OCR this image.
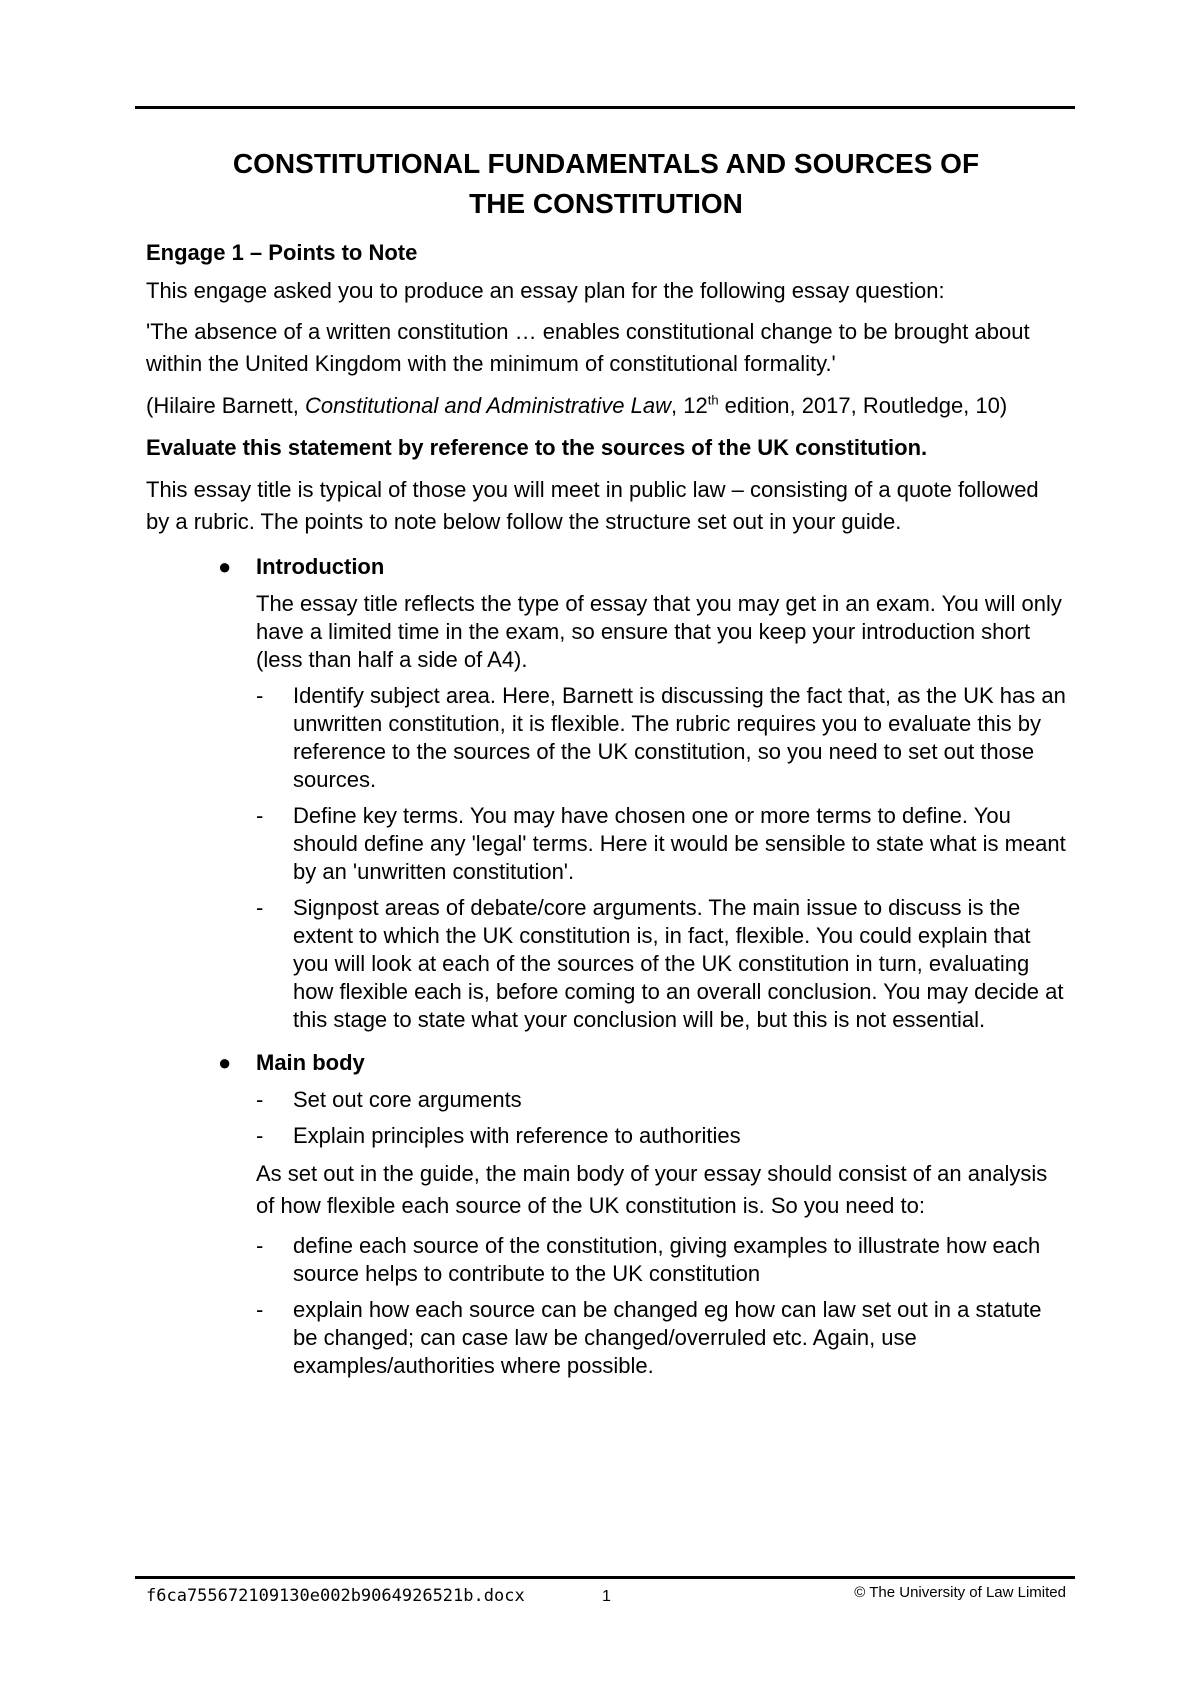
CONSTITUTIONAL FUNDAMENTALS AND SOURCES OF
THE CONSTITUTION
Engage 1 – Points to Note

This engage asked you to produce an essay plan for the following essay question:

'The absence of a written constitution … enables constitutional change to be brought about within the United Kingdom with the minimum of constitutional formality.'

(Hilaire Barnett, Constitutional and Administrative Law, 12th edition, 2017, Routledge, 10)

Evaluate this statement by reference to the sources of the UK constitution.

This essay title is typical of those you will meet in public law – consisting of a quote followed by a rubric. The points to note below follow the structure set out in your guide.

● Introduction
The essay title reflects the type of essay that you may get in an exam. You will only have a limited time in the exam, so ensure that you keep your introduction short (less than half a side of A4).
- Identify subject area. Here, Barnett is discussing the fact that, as the UK has an unwritten constitution, it is flexible. The rubric requires you to evaluate this by reference to the sources of the UK constitution, so you need to set out those sources.
- Define key terms. You may have chosen one or more terms to define. You should define any 'legal' terms. Here it would be sensible to state what is meant by an 'unwritten constitution'.
- Signpost areas of debate/core arguments. The main issue to discuss is the extent to which the UK constitution is, in fact, flexible. You could explain that you will look at each of the sources of the UK constitution in turn, evaluating how flexible each is, before coming to an overall conclusion. You may decide at this stage to state what your conclusion will be, but this is not essential.
● Main body
- Set out core arguments
- Explain principles with reference to authorities
As set out in the guide, the main body of your essay should consist of an analysis of how flexible each source of the UK constitution is. So you need to:
- define each source of the constitution, giving examples to illustrate how each source helps to contribute to the UK constitution
- explain how each source can be changed eg how can law set out in a statute be changed; can case law be changed/overruled etc. Again, use examples/authorities where possible.
f6ca755672109130e002b9064926521b.docx	1	© The University of Law Limited
